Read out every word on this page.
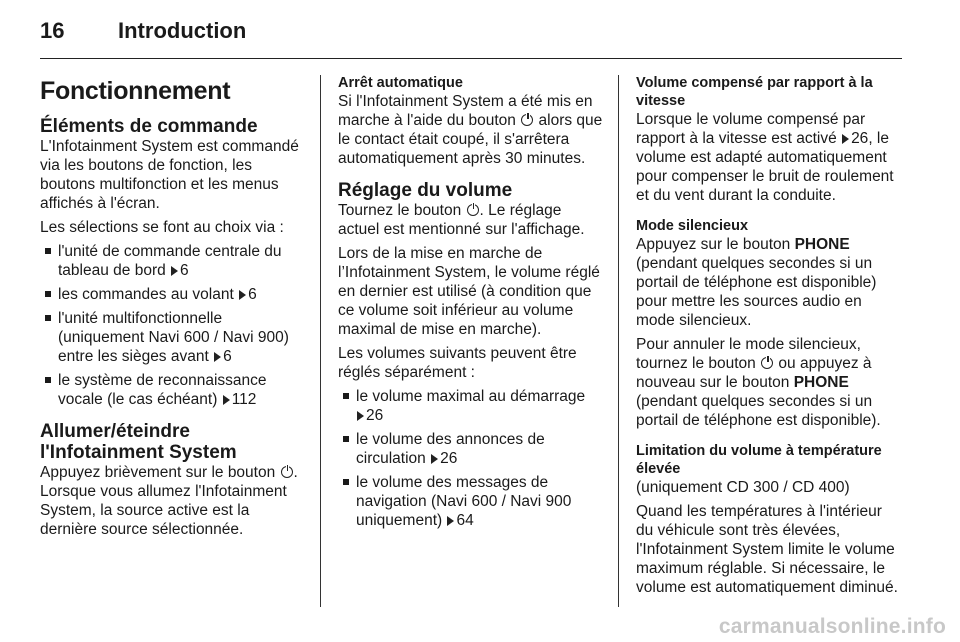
16 Introduction
Fonctionnement
Éléments de commande

L'Infotainment System est commandé via les boutons de fonction, les boutons multifonction et les menus affichés à l'écran.

Les sélections se font au choix via :

l'unité de commande centrale du tableau de bord 6
les commandes au volant 6
l'unité multifonctionnelle (uniquement Navi 600 / Navi 900) entre les sièges avant 6
le système de reconnaissance vocale (le cas échéant) 112
Allumer/éteindre l'Infotainment System

Appuyez brièvement sur le bouton . Lorsque vous allumez l'Infotainment System, la source active est la dernière source sélectionnée.

Arrêt automatique

Si l'Infotainment System a été mis en marche à l'aide du bouton alors que le contact était coupé, il s'arrêtera automatiquement après 30 minutes.

Réglage du volume

Tournez le bouton . Le réglage actuel est mentionné sur l'affichage.

Lors de la mise en marche de l’Infotainment System, le volume réglé en dernier est utilisé (à condition que ce volume soit inférieur au volume maximal de mise en marche).

Les volumes suivants peuvent être réglés séparément :

le volume maximal au démarrage
26
le volume des annonces de circulation 26
le volume des messages de navigation (Navi 600 / Navi 900 uniquement) 64
Volume compensé par rapport à la vitesse

Lorsque le volume compensé par rapport à la vitesse est activé 26, le volume est adapté automatiquement pour compenser le bruit de roulement et du vent durant la conduite.

Mode silencieux

Appuyez sur le bouton PHONE (pendant quelques secondes si un portail de téléphone est disponible) pour mettre les sources audio en mode silencieux.

Pour annuler le mode silencieux, tournez le bouton ou appuyez à nouveau sur le bouton PHONE (pendant quelques secondes si un portail de téléphone est disponible).

Limitation du volume à température élevée

(uniquement CD 300 / CD 400)

Quand les températures à l'intérieur du véhicule sont très élevées, l'Infotainment System limite le volume maximum réglable. Si nécessaire, le volume est automatiquement diminué.

carmanualsonline.info
